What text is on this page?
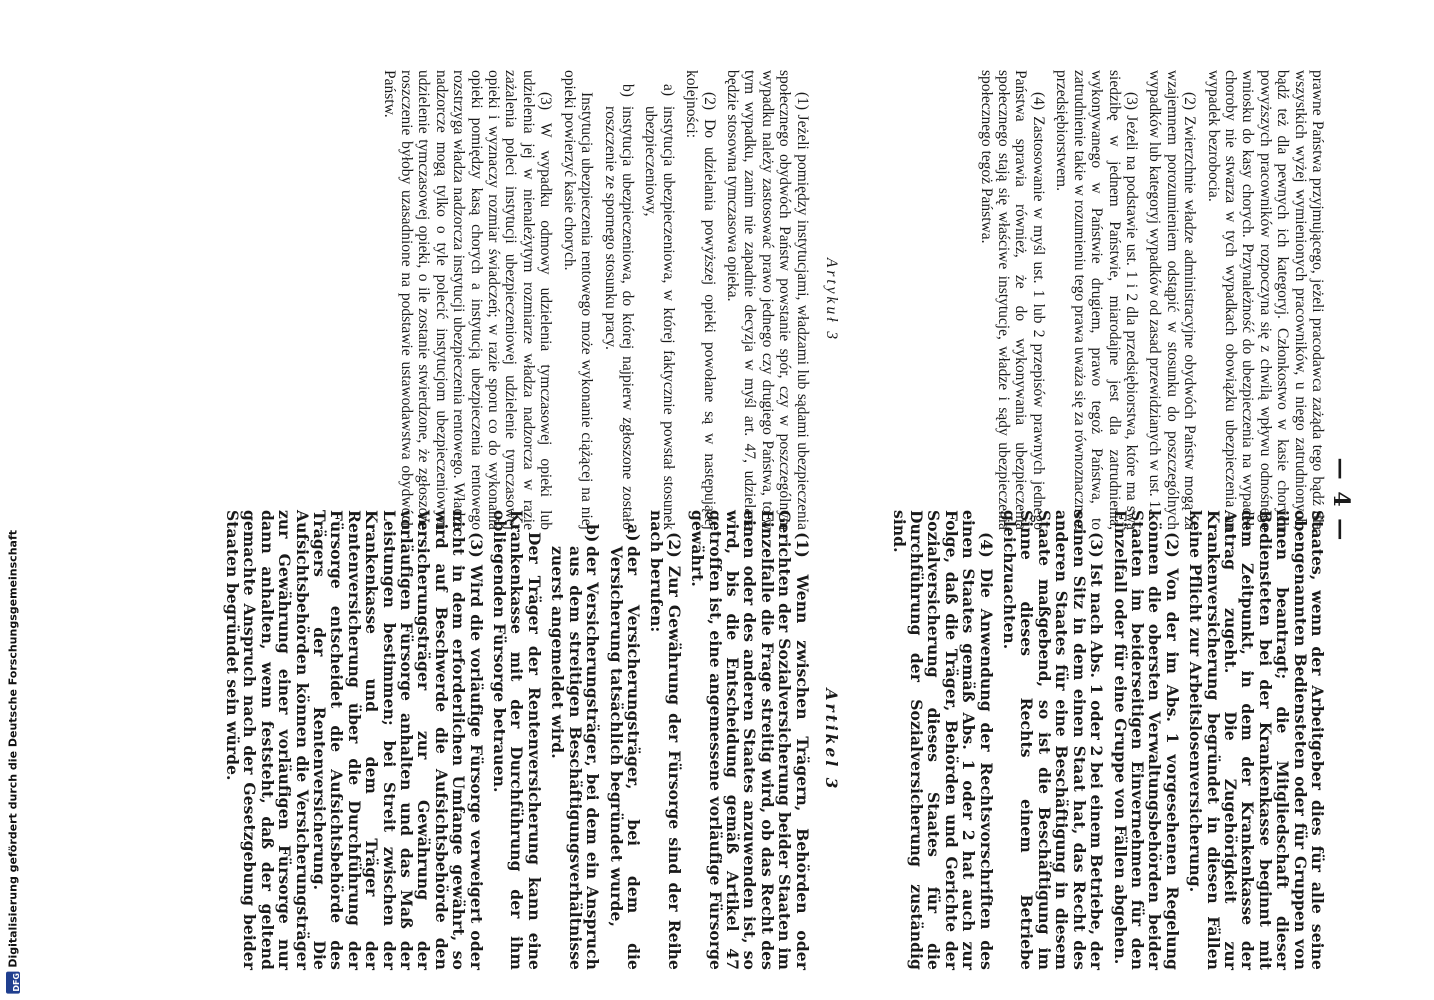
— 4 —

prawne Państwa przyjmującego, jeżeli pracodawca zażąda tego bądź dla wszystkich wyżej wymienionych pracowników, u niego zatrudnionych, bądź też dla pewnych ich kategoryj. Członkostwo w kasie chorych powyższych pracowników rozpoczyna się z chwilą wpływu odnośnego wniosku do kasy chorych. Przynależność do ubezpieczenia na wypadek choroby nie stwarza w tych wypadkach obowiązku ubezpieczenia na wypadek bezrobocia.

(2) Zwierzchnie władze administracyjne obydwóch Państw mogą za wzajemnem porozumieniem odstąpić w stosunku do poszczególnych wypadków lub kategoryj wypadków od zasad przewidzianych w ust. 1.

(3) Jeżeli na podstawie ust. 1 i 2 dla przedsiębiorstwa, które ma swą siedzibę w jednem Państwie, miarodajne jest dla zatrudnienia, wykonywanego w Państwie drugiem, prawo tegoż Państwa, to zatrudnienie takie w rozumieniu tego prawa uważa się za równoznaczne z przedsiębiorstwem.

(4) Zastosowanie w myśl ust. 1 lub 2 przepisów prawnych jednego Państwa sprawia również, że do wykonywania ubezpieczenia społecznego stają się właściwe instytucje, władze i sądy ubezpieczenia społecznego tegoż Państwa.

Artykuł 3

(1) Jeżeli pomiędzy instytucjami, władzami lub sądami ubezpieczenia społecznego obydwóch Państw powstanie spór, czy w poszczególnym wypadku należy zastosować prawo jednego czy drugiego Państwa, to w tym wypadku, zanim nie zapadnie decyzja w myśl art. 47, udzielana będzie stosowna tymczasowa opieka.

(2) Do udzielania powyższej opieki powołane są w następującej kolejności:

a)
instytucja ubezpieczeniowa, w której faktycznie powstał stosunek ubezpieczeniowy,

b)
instytucja ubezpieczeniowa, do której najpierw zgłoszone zostało roszczenie ze spornego stosunku pracy.

Instytucja ubezpieczenia rentowego może wykonanie ciążącej na niej opieki powierzyć kasie chorych.

(3) W wypadku odmowy udzielenia tymczasowej opieki lub udzielenia jej w nienależytym rozmiarze władza nadzorcza w razie zażalenia poleci instytucji ubezpieczeniowej udzielenie tymczasowej opieki i wyznaczy rozmiar świadczeń; w razie sporu co do wykonania opieki pomiędzy kasą chorych a instytucją ubezpieczenia rentowego rozstrzyga władza nadzorcza instytucji ubezpieczenia rentowego. Władze nadzorcze mogą tylko o tyle polecić instytucjom ubezpieczeniowym udzielenie tymczasowej opieki, o ile zostanie stwierdzone, że zgłoszone roszczenie byłoby uzasadnione na podstawie ustawodawstwa obydwóch Państw.

Staates, wenn der Arbeitgeber dies für alle seine obengenannten Bediensteten oder für Gruppen von ihnen beantragt; die Mitgliedschaft dieser Bediensteten bei der Krankenkasse beginnt mit dem Zeitpunkt, in dem der Krankenkasse der Antrag zugeht. Die Zugehörigkeit zur Krankenversicherung begründet in diesen Fällen keine Pflicht zur Arbeitslosenversicherung.

(2) Von der im Abs. 1 vorgesehenen Regelung können die obersten Verwaltungsbehörden beider Staaten im beiderseitigen Einvernehmen für den Einzelfall oder für eine Gruppe von Fällen abgehen.

(3) Ist nach Abs. 1 oder 2 bei einem Betriebe, der seinen Sitz in dem einen Staat hat, das Recht des anderen Staates für eine Beschäftigung in diesem Staate maßgebend, so ist die Beschäftigung im Sinne dieses Rechts einem Betriebe gleichzuachten.

(4) Die Anwendung der Rechtsvorschriften des einen Staates gemäß Abs. 1 oder 2 hat auch zur Folge, daß die Träger, Behörden und Gerichte der Sozialversicherung dieses Staates für die Durchführung der Sozialversicherung zuständig sind.

Artikel 3

(1) Wenn zwischen Trägern, Behörden oder Gerichten der Sozialversicherung beider Staaten im Einzelfalle die Frage streitig wird, ob das Recht des einen oder des anderen Staates anzuwenden ist, so wird, bis die Entscheidung gemäß Artikel 47 getroffen ist, eine angemessene vorläufige Fürsorge gewährt.

(2) Zur Gewährung der Fürsorge sind der Reihe nach berufen:

a)
der Versicherungsträger, bei dem die Versicherung tatsächlich begründet wurde,

b)
der Versicherungsträger, bei dem ein Anspruch aus dem streitigen Beschäftigungsverhältnisse zuerst angemeldet wird.

Der Träger der Rentenversicherung kann eine Krankenkasse mit der Durchführung der ihm obliegenden Fürsorge betrauen.

(3) Wird die vorläufige Fürsorge verweigert oder nicht in dem erforderlichen Umfange gewährt, so wird auf Beschwerde die Aufsichtsbehörde den Versicherungsträger zur Gewährung der vorläufigen Fürsorge anhalten und das Maß der Leistungen bestimmen; bei Streit zwischen der Krankenkasse und dem Träger der Rentenversicherung über die Durchführung der Fürsorge entscheidet die Aufsichtsbehörde des Trägers der Rentenversicherung. Die Aufsichtsbehörden können die Versicherungsträger zur Gewährung einer vorläufigen Fürsorge nur dann anhalten, wenn feststeht, daß der geltend gemachte Anspruch nach der Gesetzgebung beider Staaten begründet sein würde.

DFG
Digitalisierung gefördert durch die Deutsche Forschungsgemeinschaft
